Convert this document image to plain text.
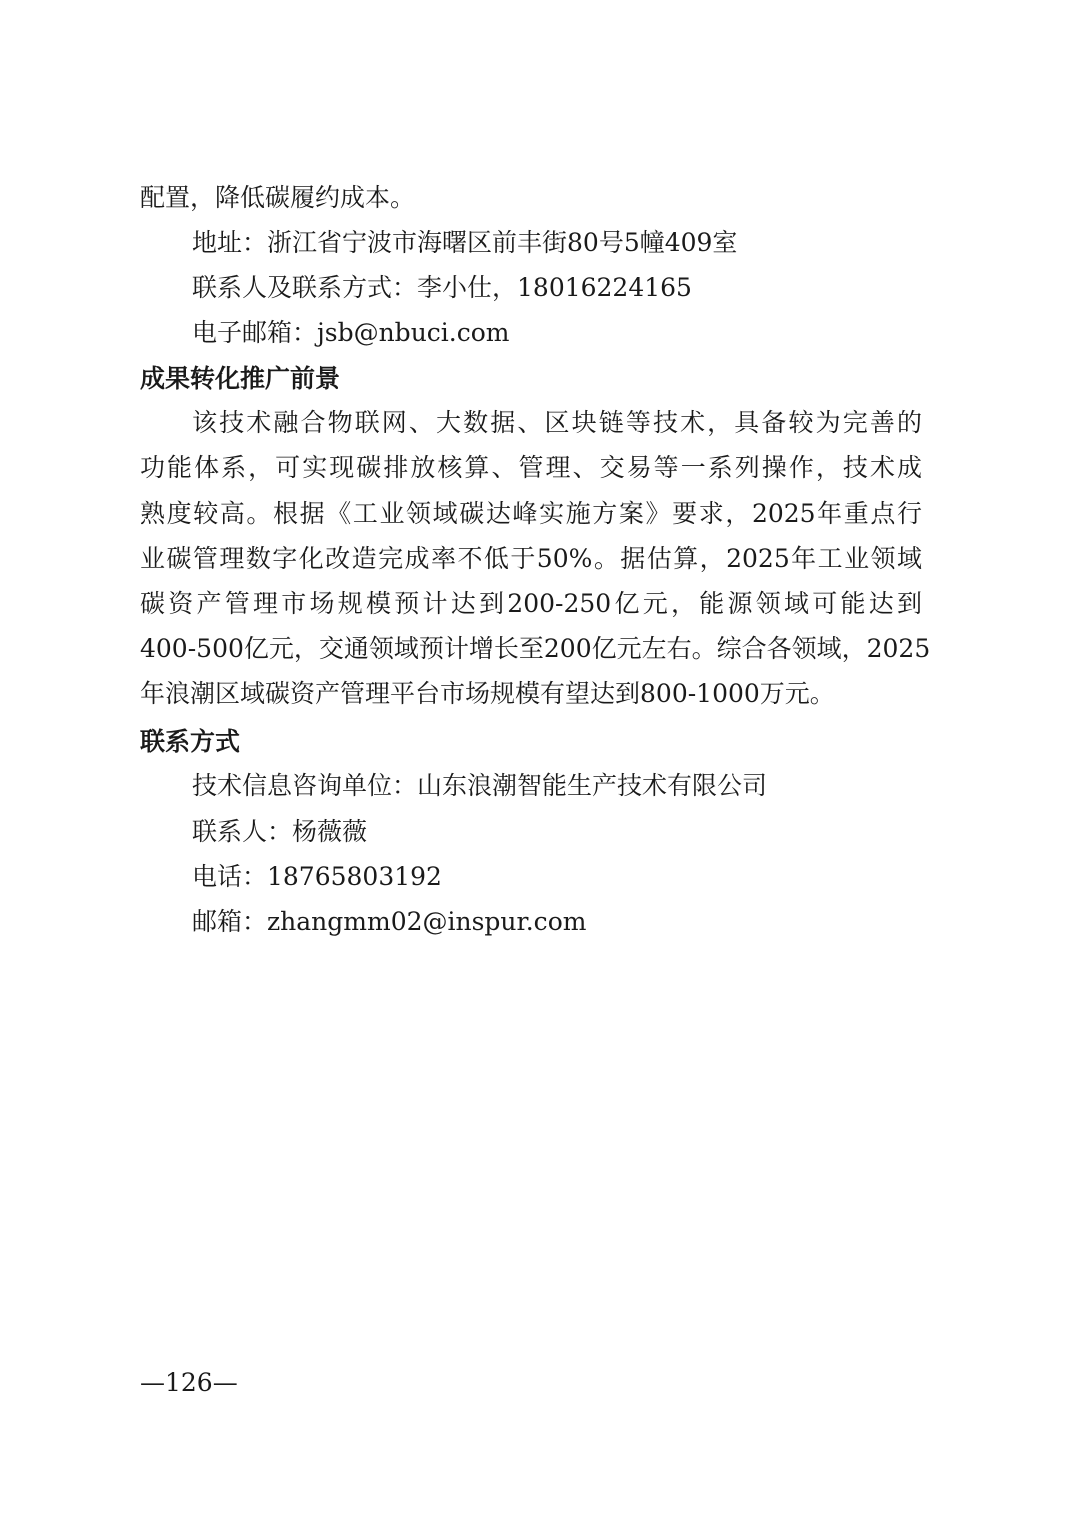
配置，降低碳履约成本。

地址：浙江省宁波市海曙区前丰街80号5幢409室

联系人及联系方式：李小仕，18016224165

电子邮箱：jsb@nbuci.com

成果转化推广前景

该技术融合物联网、大数据、区块链等技术，具备较为完善的

功能体系，可实现碳排放核算、管理、交易等一系列操作，技术成

熟度较高。根据《工业领域碳达峰实施方案》要求，2025年重点行

业碳管理数字化改造完成率不低于50%。据估算，2025年工业领域

碳资产管理市场规模预计达到200-250亿元，能源领域可能达到

400-500亿元，交通领域预计增长至200亿元左右。综合各领域，2025

年浪潮区域碳资产管理平台市场规模有望达到800-1000万元。

联系方式

技术信息咨询单位：山东浪潮智能生产技术有限公司

联系人：杨薇薇

电话：18765803192

邮箱：zhangmm02@inspur.com

—126—
